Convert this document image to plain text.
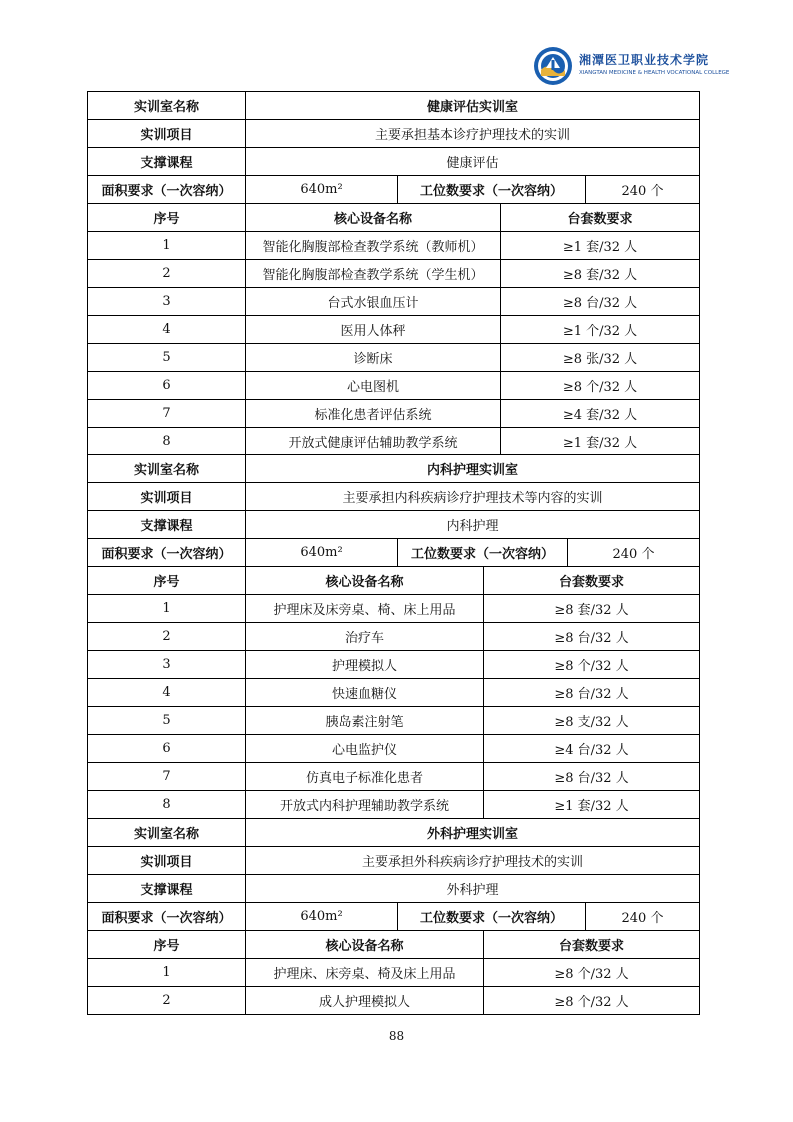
湘潭医卫职业技术学院
XIANGTAN MEDICINE & HEALTH VOCATIONAL COLLEGE
实训室名称	健康评估实训室
实训项目	主要承担基本诊疗护理技术的实训
支撑课程	健康评估
面积要求（一次容纳）	640m²	工位数要求（一次容纳）	240 个
序号	核心设备名称	台套数要求
1	智能化胸腹部检查教学系统（教师机）	≥1 套/32 人
2	智能化胸腹部检查教学系统（学生机）	≥8 套/32 人
3	台式水银血压计	≥8 台/32 人
4	医用人体秤	≥1 个/32 人
5	诊断床	≥8 张/32 人
6	心电图机	≥8 个/32 人
7	标准化患者评估系统	≥4 套/32 人
8	开放式健康评估辅助教学系统	≥1 套/32 人
实训室名称	内科护理实训室
实训项目	主要承担内科疾病诊疗护理技术等内容的实训
支撑课程	内科护理
面积要求（一次容纳）	640m²	工位数要求（一次容纳）	240 个
序号	核心设备名称	台套数要求
1	护理床及床旁桌、椅、床上用品	≥8 套/32 人
2	治疗车	≥8 台/32 人
3	护理模拟人	≥8 个/32 人
4	快速血糖仪	≥8 台/32 人
5	胰岛素注射笔	≥8 支/32 人
6	心电监护仪	≥4 台/32 人
7	仿真电子标准化患者	≥8 台/32 人
8	开放式内科护理辅助教学系统	≥1 套/32 人
实训室名称	外科护理实训室
实训项目	主要承担外科疾病诊疗护理技术的实训
支撑课程	外科护理
面积要求（一次容纳）	640m²	工位数要求（一次容纳）	240 个
序号	核心设备名称	台套数要求
1	护理床、床旁桌、椅及床上用品	≥8 个/32 人
2	成人护理模拟人	≥8 个/32 人
88
